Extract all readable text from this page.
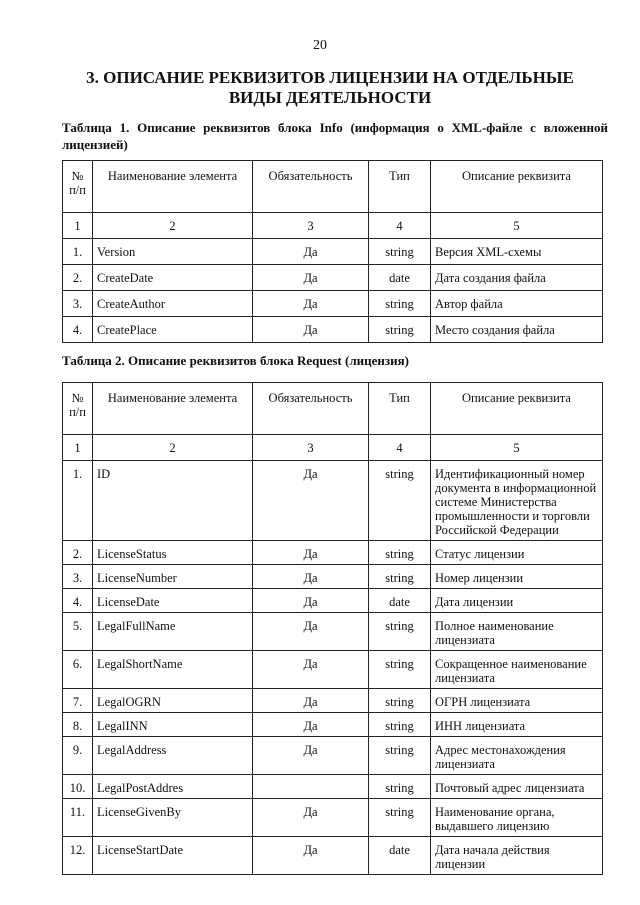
20
3. ОПИСАНИЕ РЕКВИЗИТОВ ЛИЦЕНЗИИ НА ОТДЕЛЬНЫЕ
ВИДЫ ДЕЯТЕЛЬНОСТИ
Таблица 1. Описание реквизитов блока Info (информация о XML-файле с вложенной лицензией)
№ п/п	Наименование элемента	Обязательность	Тип	Описание реквизита
1	2	3	4	5
1.	Version	Да	string	Версия XML-схемы
2.	CreateDate	Да	date	Дата создания файла
3.	CreateAuthor	Да	string	Автор файла
4.	CreatePlace	Да	string	Место создания файла
Таблица 2. Описание реквизитов блока Request (лицензия)
№ п/п	Наименование элемента	Обязательность	Тип	Описание реквизита
1	2	3	4	5
1.	ID	Да	string	Идентификационный номер документа в информационной системе Министерства промышленности и торговли Российской Федерации
2.	LicenseStatus	Да	string	Статус лицензии
3.	LicenseNumber	Да	string	Номер лицензии
4.	LicenseDate	Да	date	Дата лицензии
5.	LegalFullName	Да	string	Полное наименование лицензиата
6.	LegalShortName	Да	string	Сокращенное наименование лицензиата
7.	LegalOGRN	Да	string	ОГРН лицензиата
8.	LegalINN	Да	string	ИНН лицензиата
9.	LegalAddress	Да	string	Адрес местонахождения лицензиата
10.	LegalPostAddres		string	Почтовый адрес лицензиата
11.	LicenseGivenBy	Да	string	Наименование органа, выдавшего лицензию
12.	LicenseStartDate	Да	date	Дата начала действия лицензии
